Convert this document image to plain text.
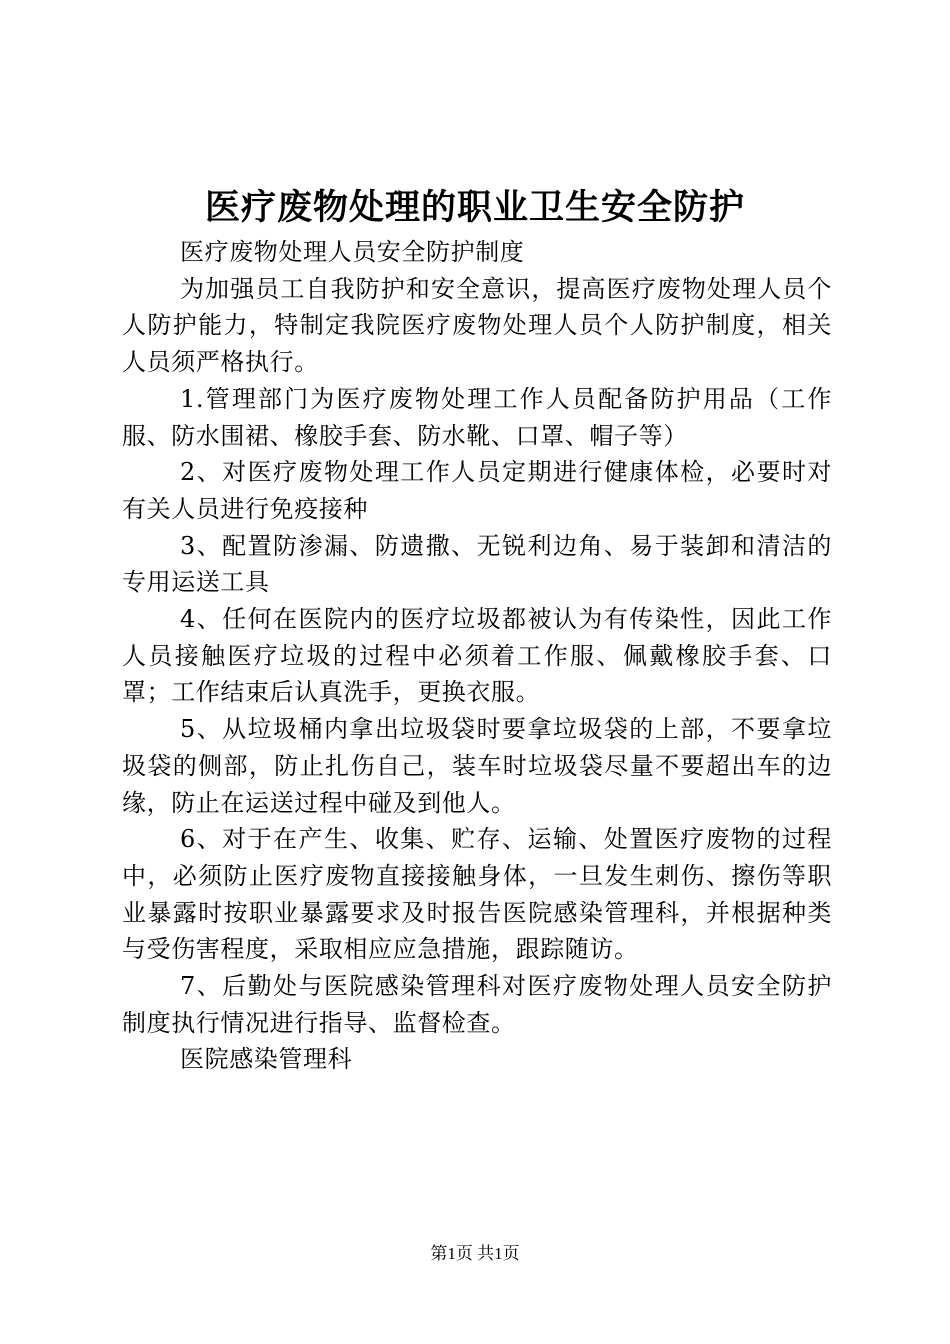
医疗废物处理的职业卫生安全防护

医疗废物处理人员安全防护制度

为加强员工自我防护和安全意识，提高医疗废物处理人员个人防护能力，特制定我院医疗废物处理人员个人防护制度，相关人员须严格执行。

1.管理部门为医疗废物处理工作人员配备防护用品（工作服、防水围裙、橡胶手套、防水靴、口罩、帽子等）

2、对医疗废物处理工作人员定期进行健康体检，必要时对有关人员进行免疫接种

3、配置防渗漏、防遗撒、无锐利边角、易于装卸和清洁的专用运送工具

4、任何在医院内的医疗垃圾都被认为有传染性，因此工作人员接触医疗垃圾的过程中必须着工作服、佩戴橡胶手套、口罩；工作结束后认真洗手，更换衣服。

5、从垃圾桶内拿出垃圾袋时要拿垃圾袋的上部，不要拿垃圾袋的侧部，防止扎伤自己，装车时垃圾袋尽量不要超出车的边缘，防止在运送过程中碰及到他人。

6、对于在产生、收集、贮存、运输、处置医疗废物的过程中，必须防止医疗废物直接接触身体，一旦发生刺伤、擦伤等职业暴露时按职业暴露要求及时报告医院感染管理科，并根据种类与受伤害程度，采取相应应急措施，跟踪随访。

7、后勤处与医院感染管理科对医疗废物处理人员安全防护制度执行情况进行指导、监督检查。

医院感染管理科

第1页 共1页
